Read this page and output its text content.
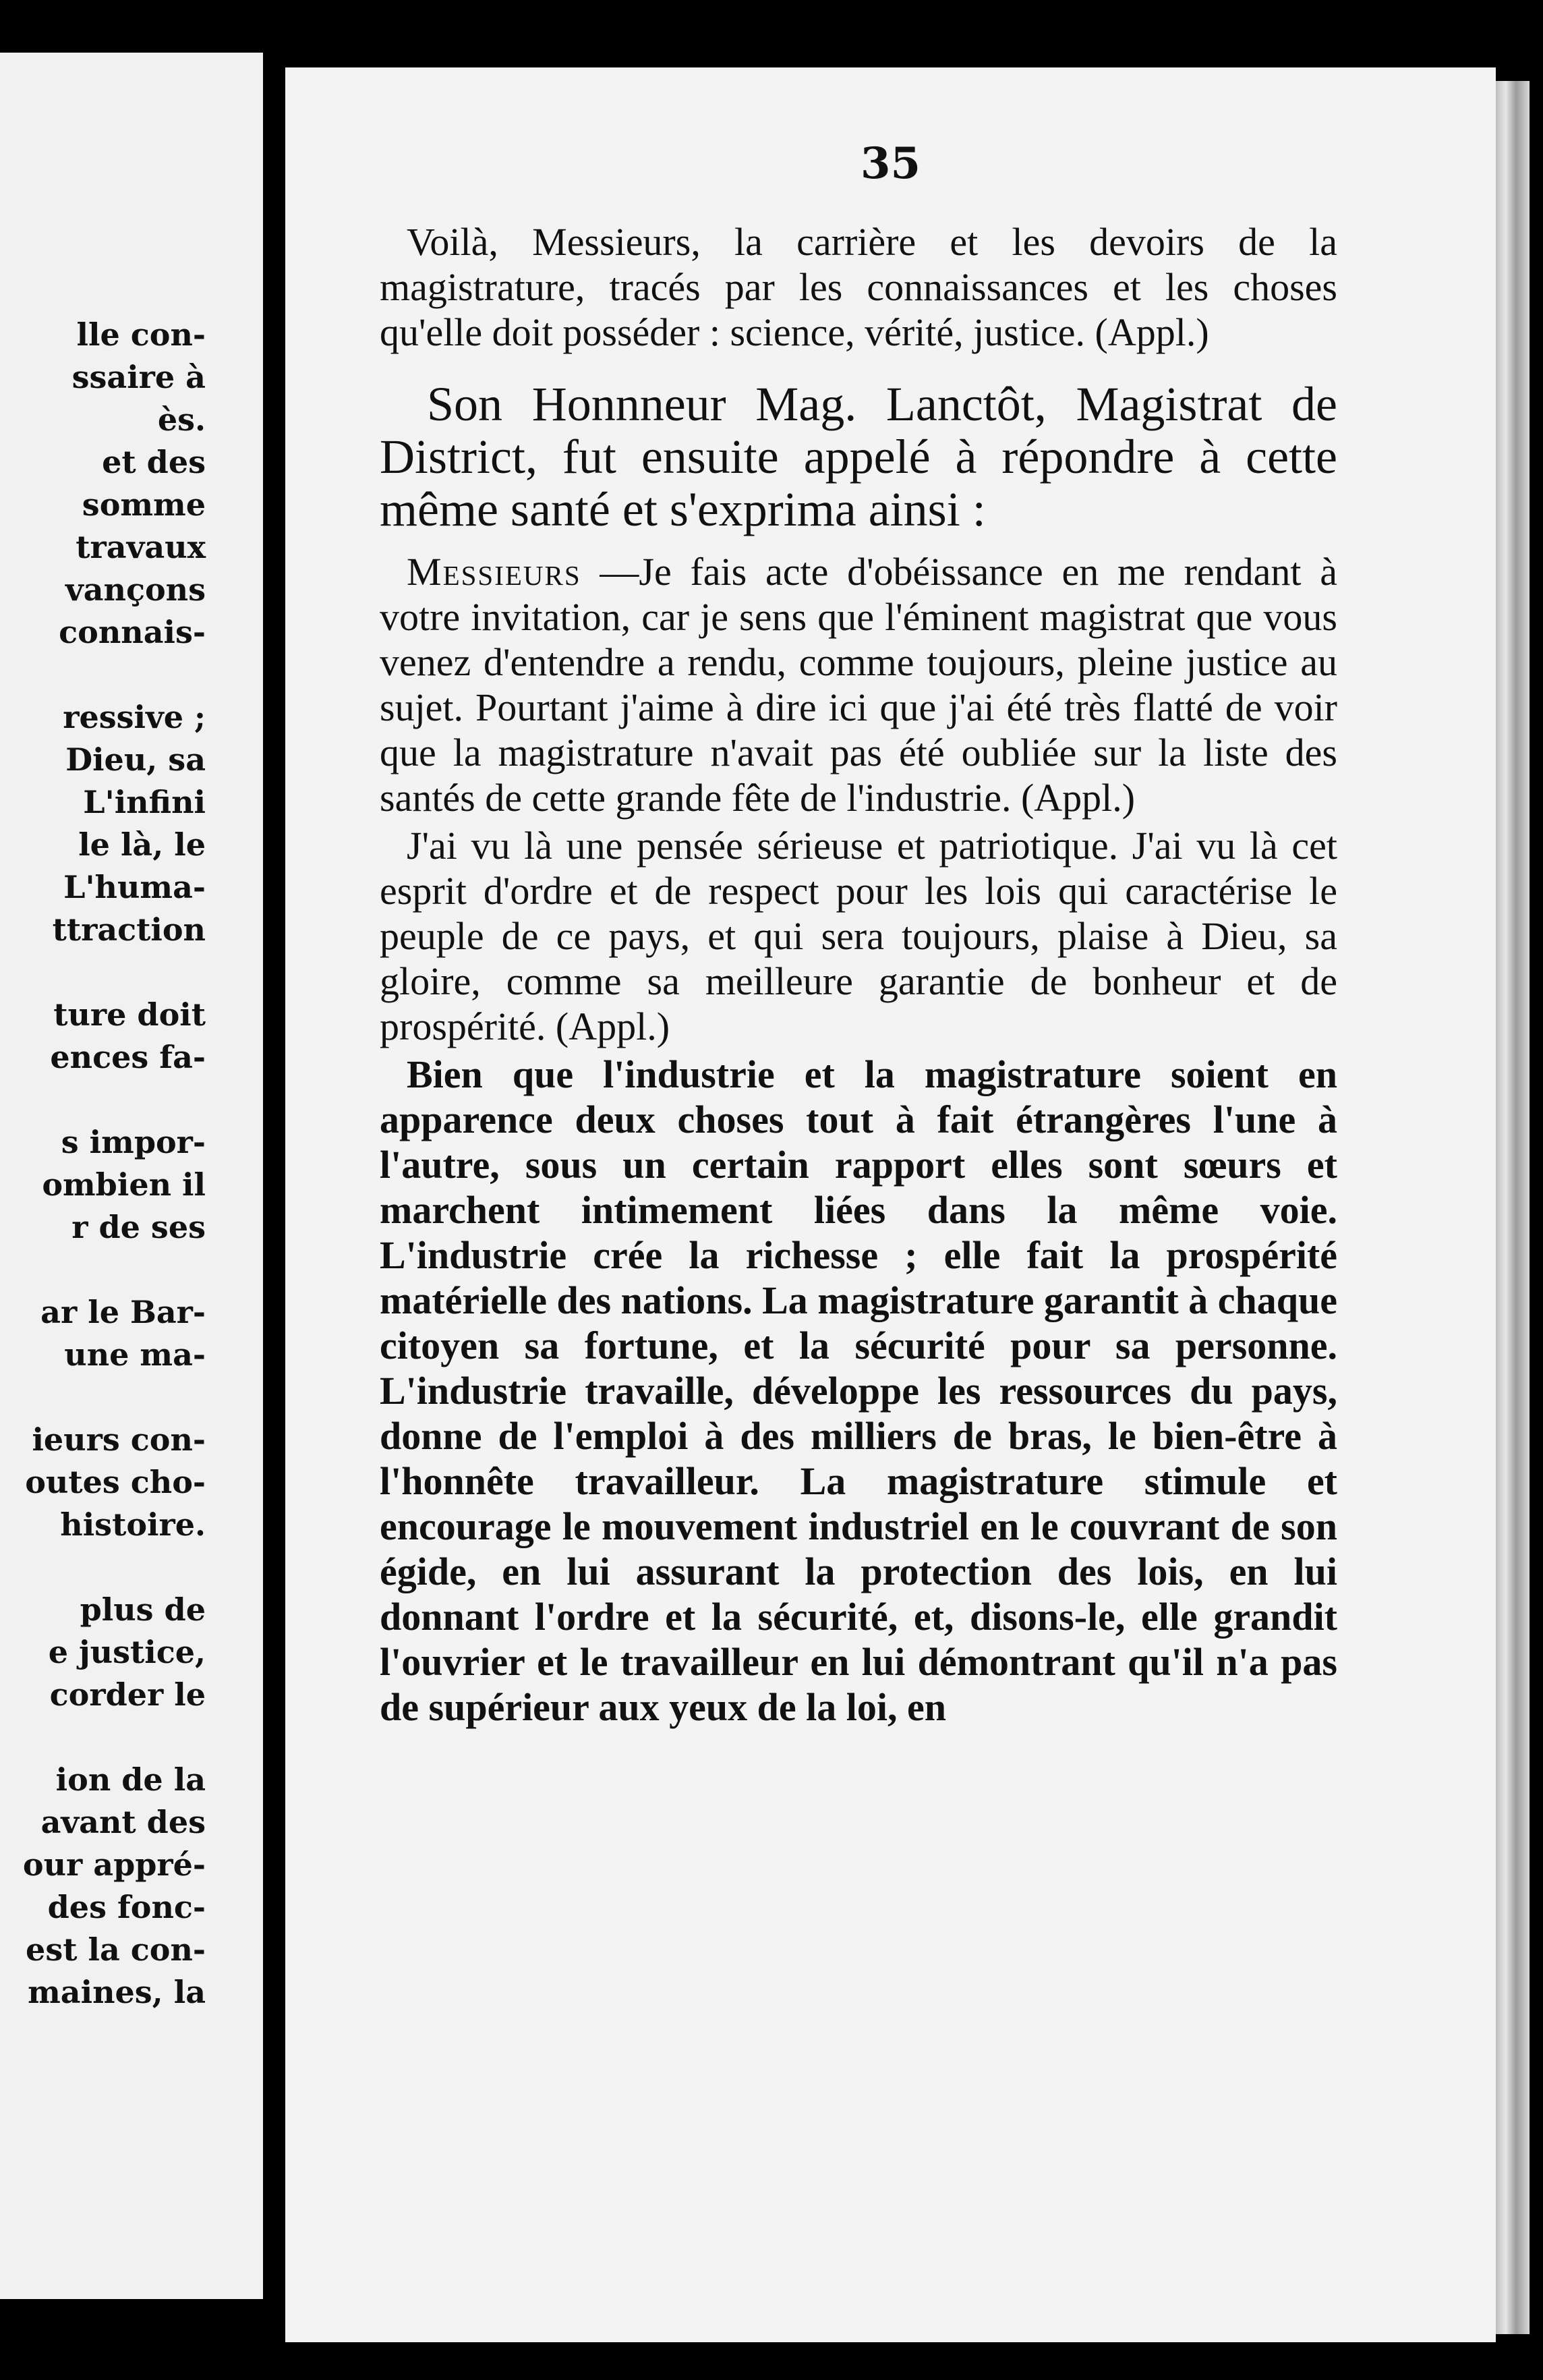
lle con-
ssaire à
ès.
et des
somme
travaux
vançons
connais-
ressive ;
Dieu, sa
L'infini
le là, le
L'huma-
ttraction
ture doit
ences fa-
s impor-
ombien il
r de ses
ar le Bar-
une ma-
ieurs con-
outes cho-
histoire.
plus de
e justice,
corder le
ion de la
avant des
our appré-
des fonc-
est la con-
maines, la
35

Voilà, Messieurs, la carrière et les devoirs de la magistrature, tracés par les connaissances et les choses qu'elle doit posséder : science, vérité, justice. (Appl.)

Son Honnneur Mag. Lanctôt, Magistrat de District, fut ensuite appelé à répondre à cette même santé et s'exprima ainsi :

Messieurs —Je fais acte d'obéissance en me rendant à votre invitation, car je sens que l'éminent magistrat que vous venez d'entendre a rendu, comme toujours, pleine justice au sujet. Pourtant j'aime à dire ici que j'ai été très flatté de voir que la magistrature n'avait pas été oubliée sur la liste des santés de cette grande fête de l'industrie. (Appl.)

J'ai vu là une pensée sérieuse et patriotique. J'ai vu là cet esprit d'ordre et de respect pour les lois qui caractérise le peuple de ce pays, et qui sera toujours, plaise à Dieu, sa gloire, comme sa meilleure garantie de bonheur et de prospérité. (Appl.)

Bien que l'industrie et la magistrature soient en apparence deux choses tout à fait étrangères l'une à l'autre, sous un certain rapport elles sont sœurs et marchent intimement liées dans la même voie. L'industrie crée la richesse ; elle fait la prospérité matérielle des nations. La magistrature garantit à chaque citoyen sa fortune, et la sécurité pour sa personne. L'industrie travaille, développe les ressources du pays, donne de l'emploi à des milliers de bras, le bien-être à l'honnête travailleur. La magistrature stimule et encourage le mouvement industriel en le couvrant de son égide, en lui assurant la protection des lois, en lui donnant l'ordre et la sécurité, et, disons-le, elle grandit l'ouvrier et le travailleur en lui démontrant qu'il n'a pas de supérieur aux yeux de la loi, en
